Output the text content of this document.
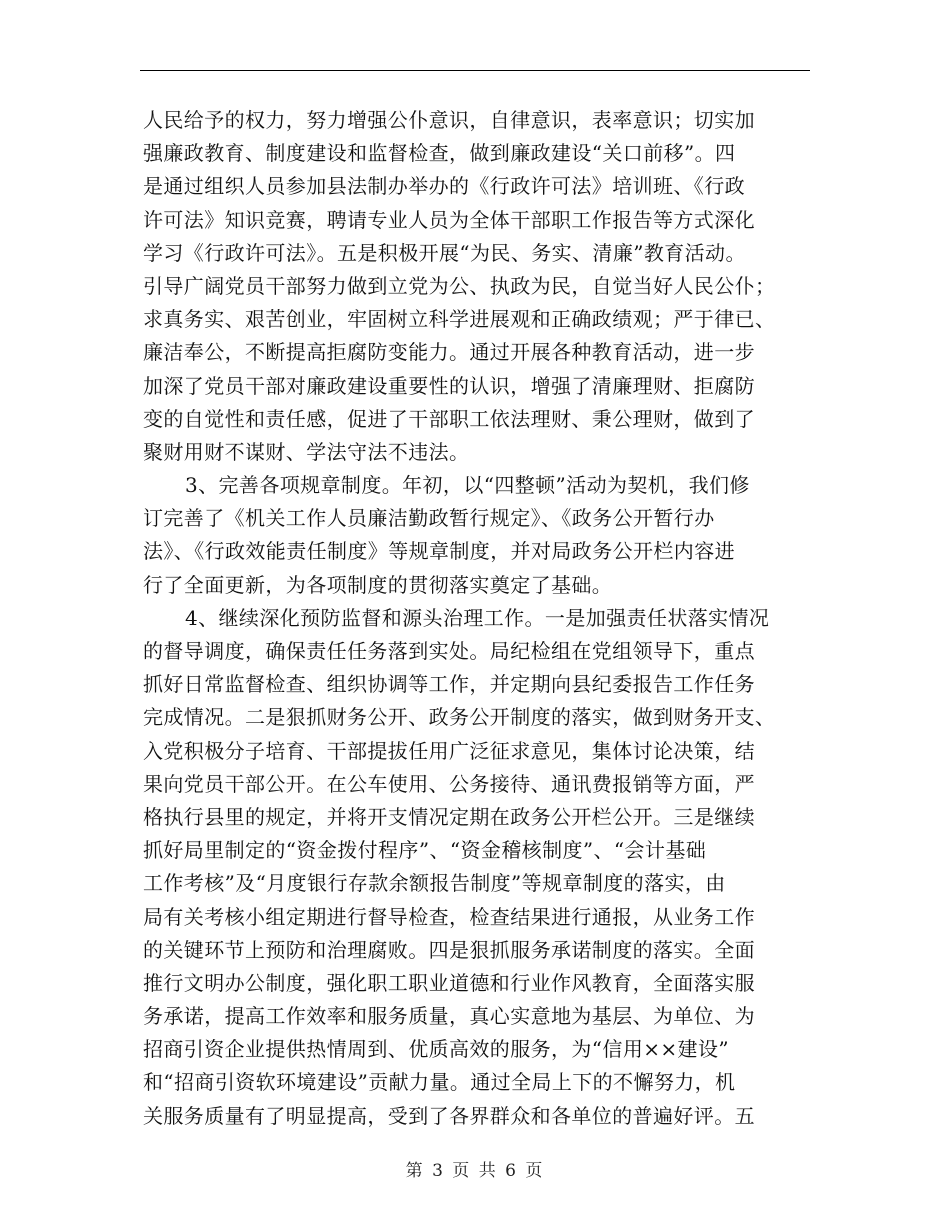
人民给予的权力，努力增强公仆意识，自律意识，表率意识；切实加
强廉政教育、制度建设和监督检查，做到廉政建设“关口前移”。四
是通过组织人员参加县法制办举办的《行政许可法》培训班、《行政
许可法》知识竞赛，聘请专业人员为全体干部职工作报告等方式深化
学习《行政许可法》。五是积极开展“为民、务实、清廉”教育活动。
引导广阔党员干部努力做到立党为公、执政为民，自觉当好人民公仆；
求真务实、艰苦创业，牢固树立科学进展观和正确政绩观；严于律已、
廉洁奉公，不断提高拒腐防变能力。通过开展各种教育活动，进一步
加深了党员干部对廉政建设重要性的认识，增强了清廉理财、拒腐防
变的自觉性和责任感，促进了干部职工依法理财、秉公理财，做到了
聚财用财不谋财、学法守法不违法。
3、完善各项规章制度。年初，以“四整顿”活动为契机，我们修
订完善了《机关工作人员廉洁勤政暂行规定》、《政务公开暂行办
法》、《行政效能责任制度》等规章制度，并对局政务公开栏内容进
行了全面更新，为各项制度的贯彻落实奠定了基础。
4、继续深化预防监督和源头治理工作。一是加强责任状落实情况
的督导调度，确保责任任务落到实处。局纪检组在党组领导下，重点
抓好日常监督检查、组织协调等工作，并定期向县纪委报告工作任务
完成情况。二是狠抓财务公开、政务公开制度的落实，做到财务开支、
入党积极分子培育、干部提拔任用广泛征求意见，集体讨论决策，结
果向党员干部公开。在公车使用、公务接待、通讯费报销等方面，严
格执行县里的规定，并将开支情况定期在政务公开栏公开。三是继续
抓好局里制定的“资金拨付程序”、“资金稽核制度”、“会计基础
工作考核”及“月度银行存款余额报告制度”等规章制度的落实，由
局有关考核小组定期进行督导检查，检查结果进行通报，从业务工作
的关键环节上预防和治理腐败。四是狠抓服务承诺制度的落实。全面
推行文明办公制度，强化职工职业道德和行业作风教育，全面落实服
务承诺，提高工作效率和服务质量，真心实意地为基层、为单位、为
招商引资企业提供热情周到、优质高效的服务，为“信用××建设”
和“招商引资软环境建设”贡献力量。通过全局上下的不懈努力，机
关服务质量有了明显提高，受到了各界群众和各单位的普遍好评。五
第 3 页 共 6 页
